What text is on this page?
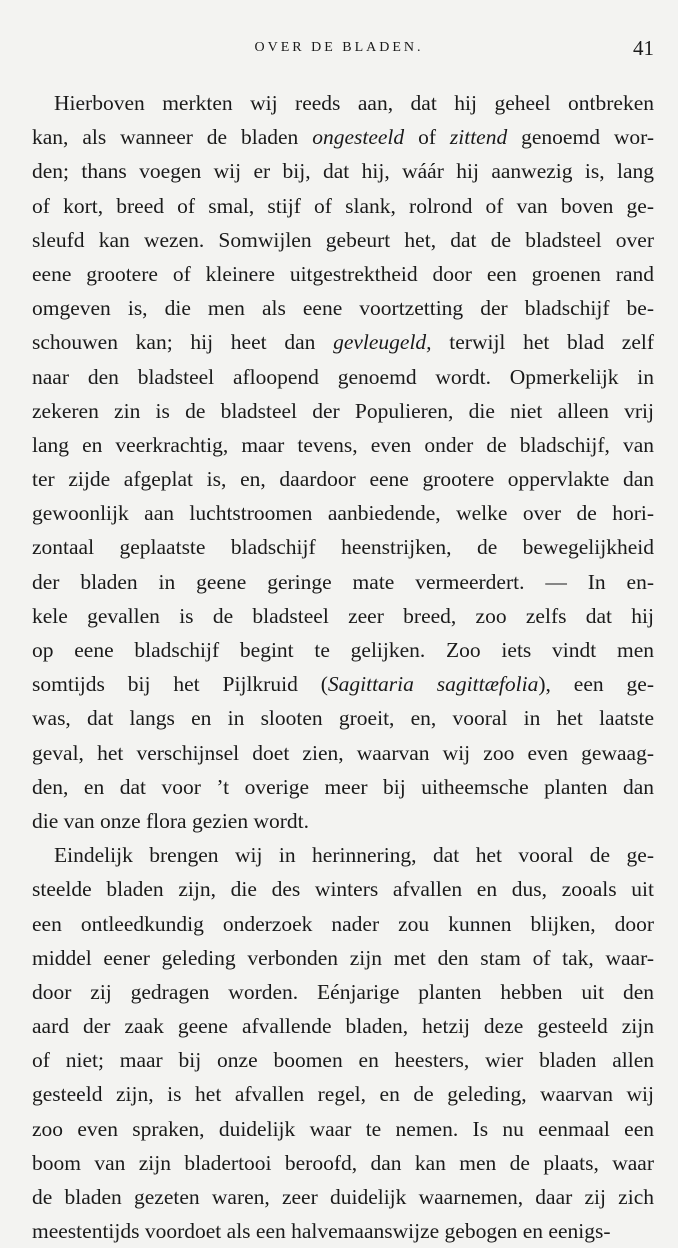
OVER DE BLADEN.	41
Hierboven merkten wij reeds aan, dat hij geheel ontbreken
kan, als wanneer de bladen ongesteeld of zittend genoemd wor-
den; thans voegen wij er bij, dat hij, wáár hij aanwezig is, lang
of kort, breed of smal, stijf of slank, rolrond of van boven ge-
sleufd kan wezen. Somwijlen gebeurt het, dat de bladsteel over
eene grootere of kleinere uitgestrektheid door een groenen rand
omgeven is, die men als eene voortzetting der bladschijf be-
schouwen kan; hij heet dan gevleugeld, terwijl het blad zelf
naar den bladsteel afloopend genoemd wordt. Opmerkelijk in
zekeren zin is de bladsteel der Populieren, die niet alleen vrij
lang en veerkrachtig, maar tevens, even onder de bladschijf, van
ter zijde afgeplat is, en, daardoor eene grootere oppervlakte dan
gewoonlijk aan luchtstroomen aanbiedende, welke over de hori-
zontaal geplaatste bladschijf heenstrijken, de bewegelijkheid
der bladen in geene geringe mate vermeerdert. — In en-
kele gevallen is de bladsteel zeer breed, zoo zelfs dat hij
op eene bladschijf begint te gelijken. Zoo iets vindt men
somtijds bij het Pijlkruid (Sagittaria sagittæfolia), een ge-
was, dat langs en in slooten groeit, en, vooral in het laatste
geval, het verschijnsel doet zien, waarvan wij zoo even gewaag-
den, en dat voor ’t overige meer bij uitheemsche planten dan
die van onze flora gezien wordt.
Eindelijk brengen wij in herinnering, dat het vooral de ge-
steelde bladen zijn, die des winters afvallen en dus, zooals uit
een ontleedkundig onderzoek nader zou kunnen blijken, door
middel eener geleding verbonden zijn met den stam of tak, waar-
door zij gedragen worden. Eénjarige planten hebben uit den
aard der zaak geene afvallende bladen, hetzij deze gesteeld zijn
of niet; maar bij onze boomen en heesters, wier bladen allen
gesteeld zijn, is het afvallen regel, en de geleding, waarvan wij
zoo even spraken, duidelijk waar te nemen. Is nu eenmaal een
boom van zijn bladertooi beroofd, dan kan men de plaats, waar
de bladen gezeten waren, zeer duidelijk waarnemen, daar zij zich
meestentijds voordoet als een halvemaanswijze gebogen en eenigs-
